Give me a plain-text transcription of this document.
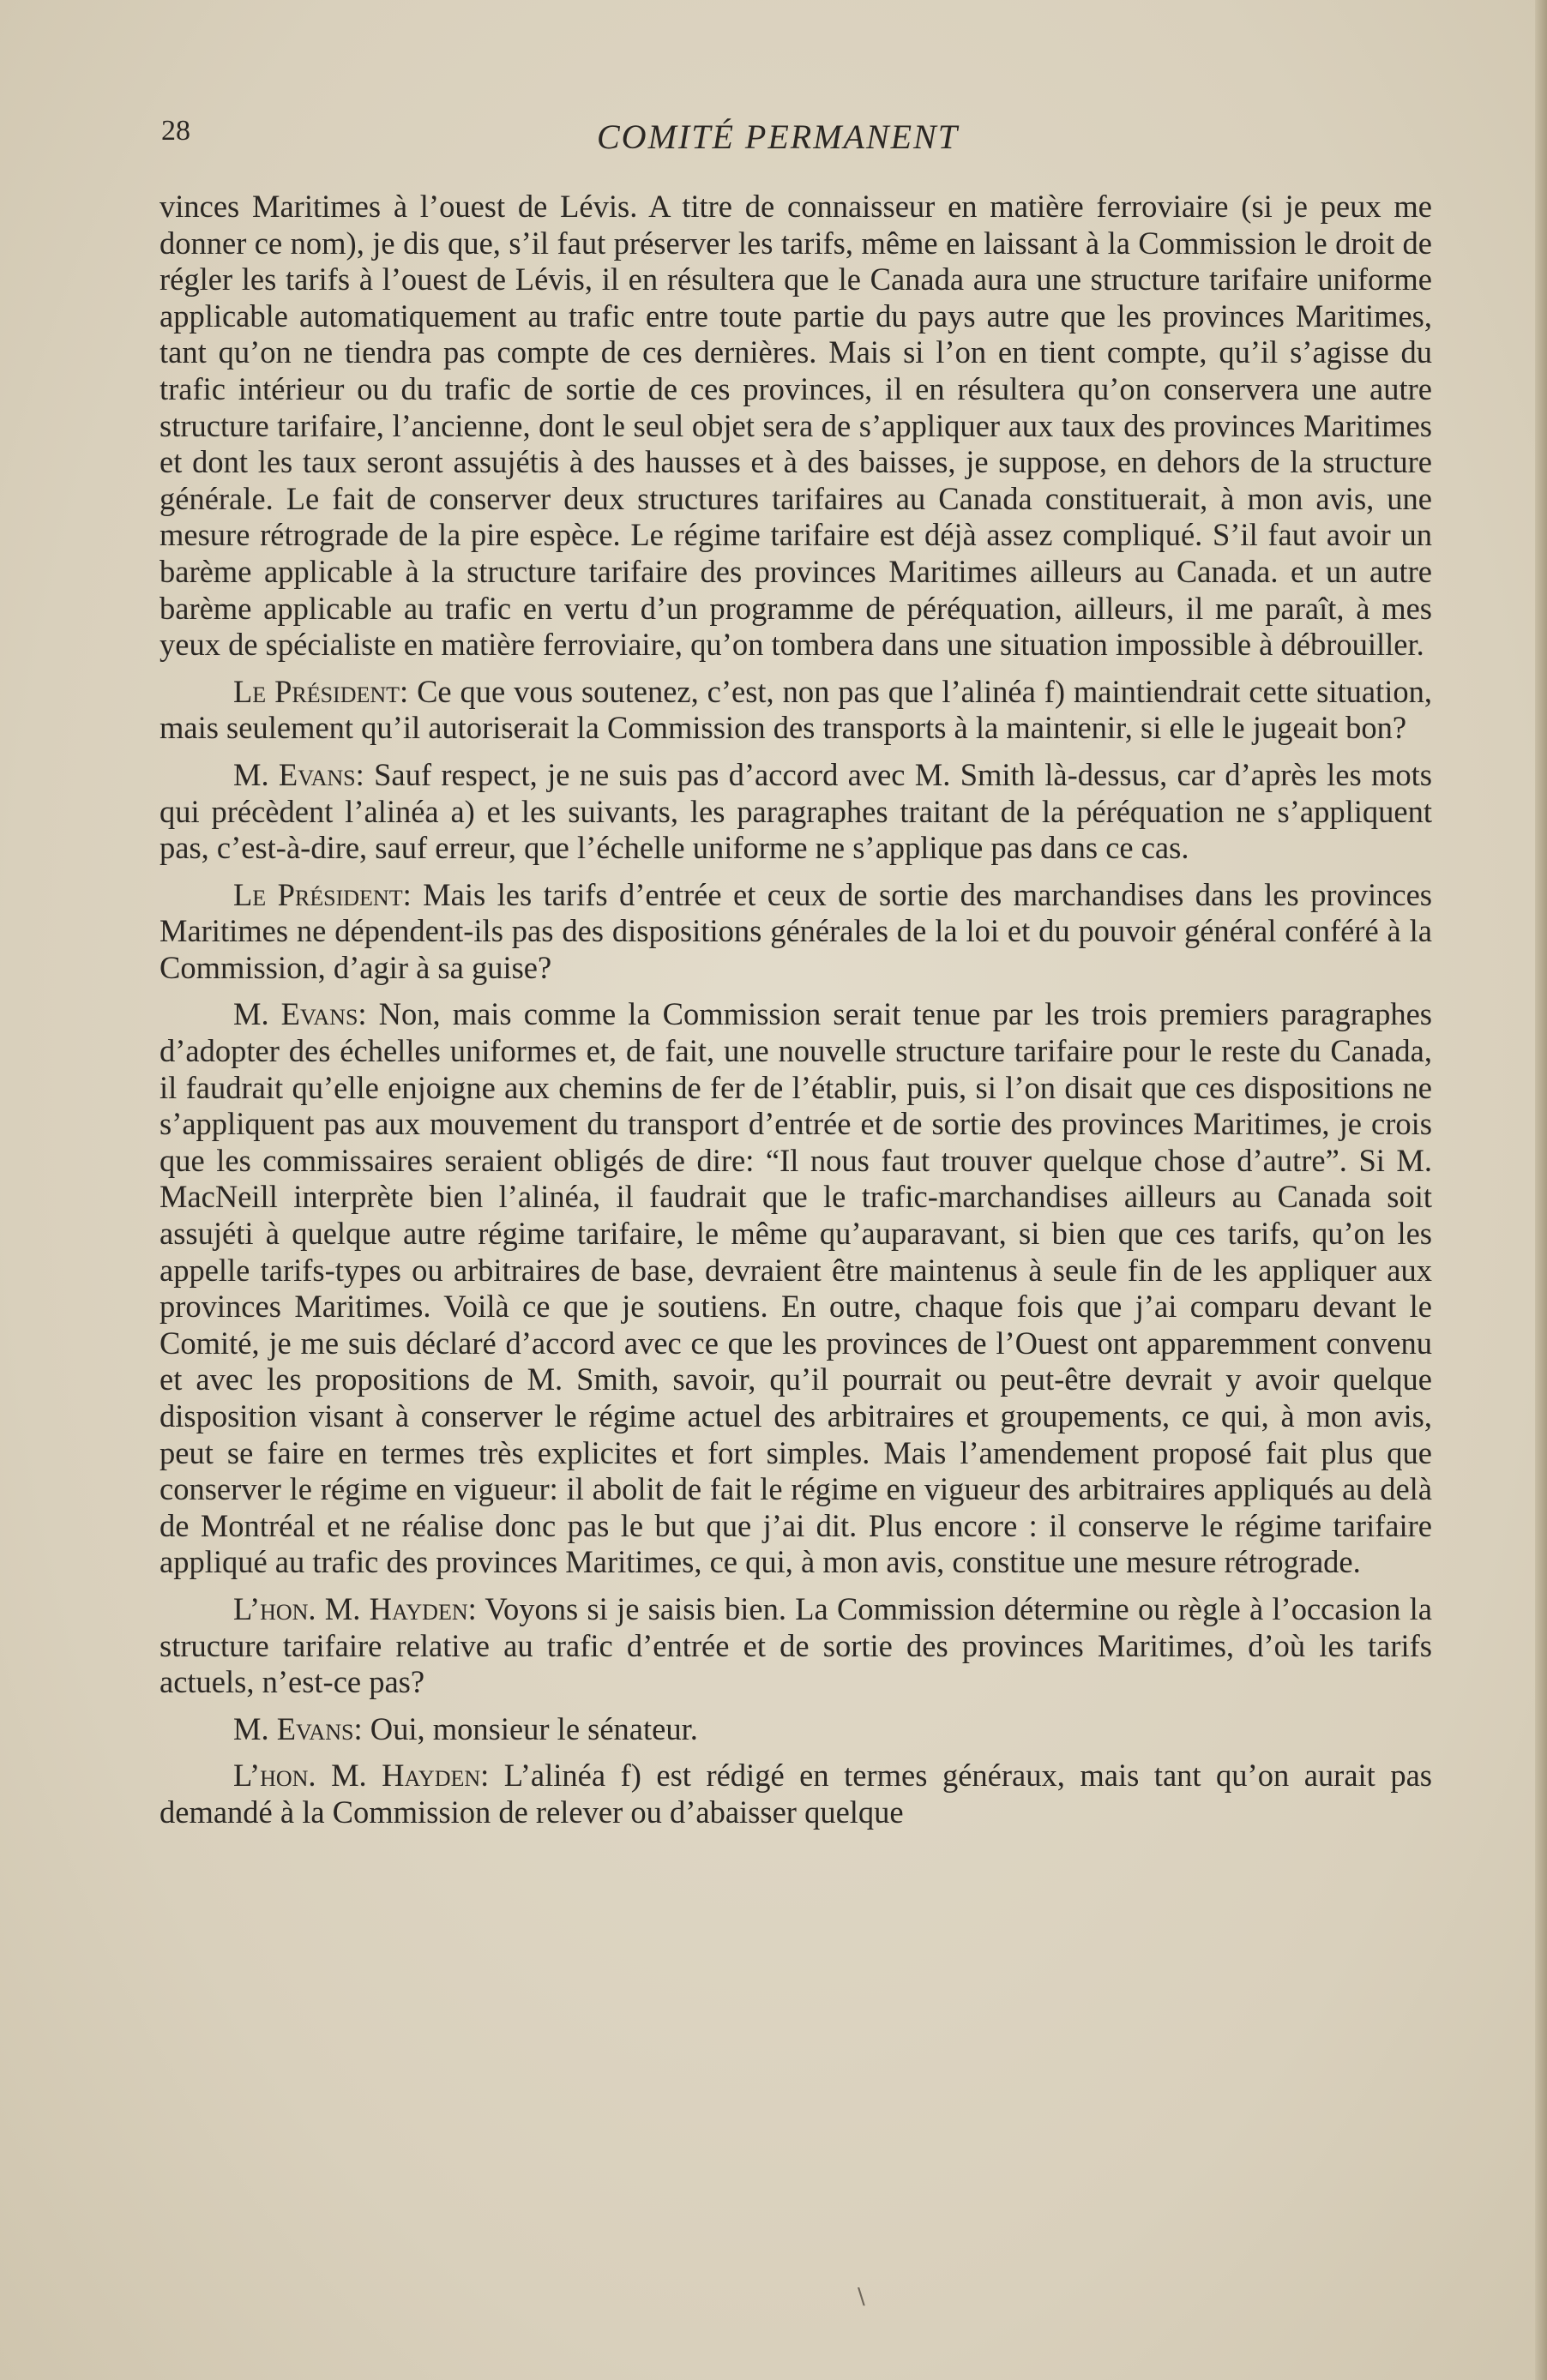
28	COMITÉ PERMANENT

vinces Maritimes à l’ouest de Lévis. A titre de connaisseur en matière ferroviaire (si je peux me donner ce nom), je dis que, s’il faut préserver les tarifs, même en laissant à la Commission le droit de régler les tarifs à l’ouest de Lévis, il en résultera que le Canada aura une structure tarifaire uniforme applicable automatiquement au trafic entre toute partie du pays autre que les provinces Maritimes, tant qu’on ne tiendra pas compte de ces dernières. Mais si l’on en tient compte, qu’il s’agisse du trafic intérieur ou du trafic de sortie de ces provinces, il en résultera qu’on conservera une autre structure tarifaire, l’ancienne, dont le seul objet sera de s’appliquer aux taux des provinces Maritimes et dont les taux seront assujétis à des hausses et à des baisses, je suppose, en dehors de la structure générale. Le fait de conserver deux structures tarifaires au Canada constituerait, à mon avis, une mesure rétrograde de la pire espèce. Le régime tarifaire est déjà assez compliqué. S’il faut avoir un barème applicable à la structure tarifaire des provinces Maritimes ailleurs au Canada. et un autre barème applicable au trafic en vertu d’un programme de péréquation, ailleurs, il me paraît, à mes yeux de spécialiste en matière ferroviaire, qu’on tombera dans une situation impossible à débrouiller.

Le Président: Ce que vous soutenez, c’est, non pas que l’alinéa f) maintiendrait cette situation, mais seulement qu’il autoriserait la Commission des transports à la maintenir, si elle le jugeait bon?

M. Evans: Sauf respect, je ne suis pas d’accord avec M. Smith là-dessus, car d’après les mots qui précèdent l’alinéa a) et les suivants, les paragraphes traitant de la péréquation ne s’appliquent pas, c’est-à-dire, sauf erreur, que l’échelle uniforme ne s’applique pas dans ce cas.

Le Président: Mais les tarifs d’entrée et ceux de sortie des marchandises dans les provinces Maritimes ne dépendent-ils pas des dispositions générales de la loi et du pouvoir général conféré à la Commission, d’agir à sa guise?

M. Evans: Non, mais comme la Commission serait tenue par les trois premiers paragraphes d’adopter des échelles uniformes et, de fait, une nouvelle structure tarifaire pour le reste du Canada, il faudrait qu’elle enjoigne aux chemins de fer de l’établir, puis, si l’on disait que ces dispositions ne s’appliquent pas aux mouvement du transport d’entrée et de sortie des provinces Maritimes, je crois que les commissaires seraient obligés de dire: “Il nous faut trouver quelque chose d’autre”. Si M. MacNeill interprète bien l’alinéa, il faudrait que le trafic-marchandises ailleurs au Canada soit assujéti à quelque autre régime tarifaire, le même qu’auparavant, si bien que ces tarifs, qu’on les appelle tarifs-types ou arbitraires de base, devraient être maintenus à seule fin de les appliquer aux provinces Maritimes. Voilà ce que je soutiens. En outre, chaque fois que j’ai comparu devant le Comité, je me suis déclaré d’accord avec ce que les provinces de l’Ouest ont apparemment convenu et avec les propositions de M. Smith, savoir, qu’il pourrait ou peut-être devrait y avoir quelque disposition visant à conserver le régime actuel des arbitraires et groupements, ce qui, à mon avis, peut se faire en termes très explicites et fort simples. Mais l’amendement proposé fait plus que conserver le régime en vigueur: il abolit de fait le régime en vigueur des arbitraires appliqués au delà de Montréal et ne réalise donc pas le but que j’ai dit. Plus encore : il conserve le régime tarifaire appliqué au trafic des provinces Maritimes, ce qui, à mon avis, constitue une mesure rétrograde.

L’hon. M. Hayden: Voyons si je saisis bien. La Commission détermine ou règle à l’occasion la structure tarifaire relative au trafic d’entrée et de sortie des provinces Maritimes, d’où les tarifs actuels, n’est-ce pas?

M. Evans: Oui, monsieur le sénateur.

L’hon. M. Hayden: L’alinéa f) est rédigé en termes généraux, mais tant qu’on aurait pas demandé à la Commission de relever ou d’abaisser quelque

\
